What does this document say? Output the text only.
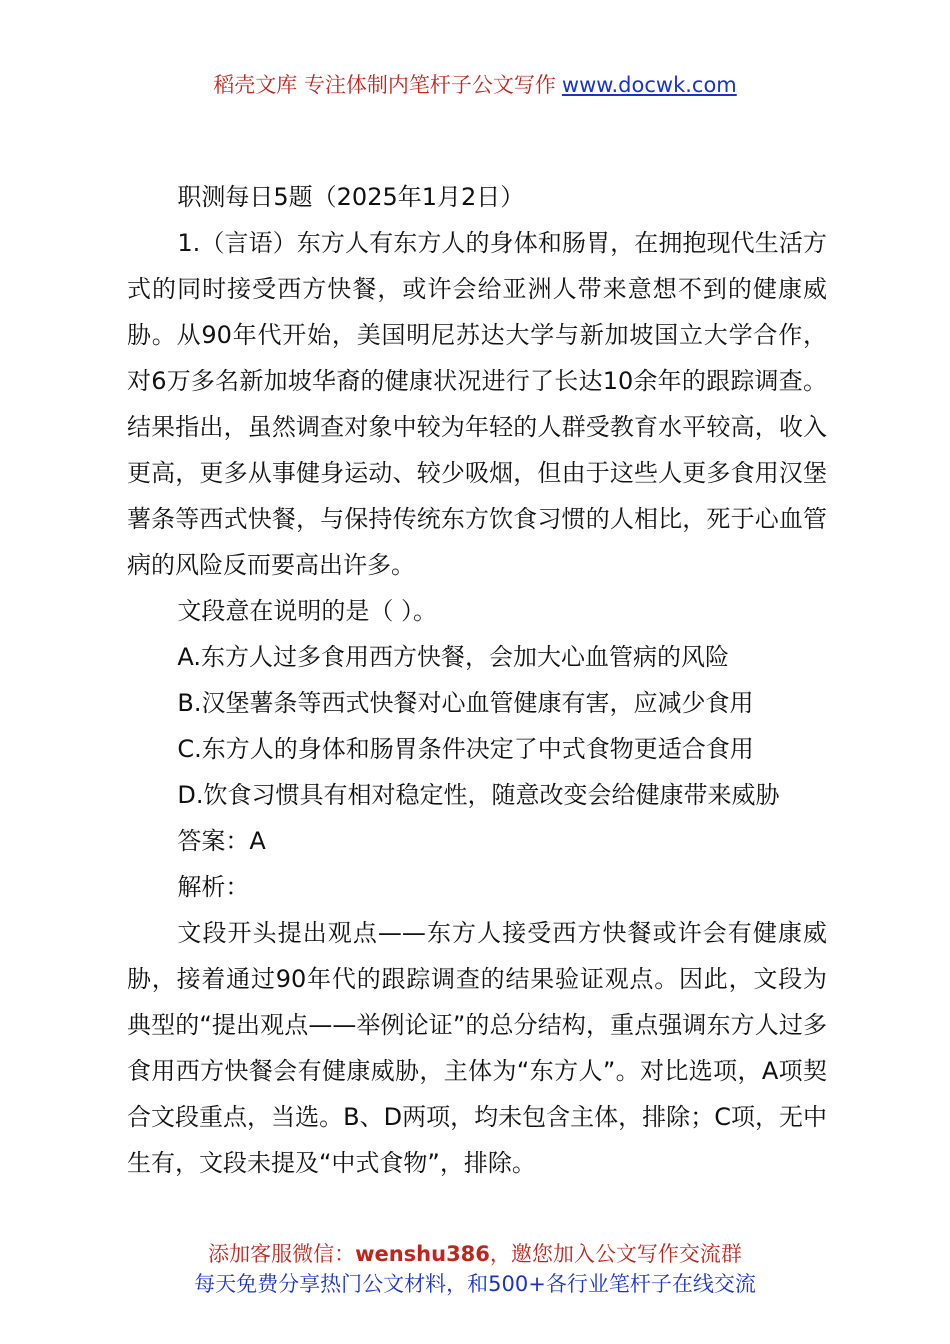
稻壳文库 专注体制内笔杆子公文写作 www.docwk.com

职测每日5题（2025年1月2日）

1.（言语）东方人有东方人的身体和肠胃，在拥抱现代生活方式的同时接受西方快餐，或许会给亚洲人带来意想不到的健康威胁。从90年代开始，美国明尼苏达大学与新加坡国立大学合作，对6万多名新加坡华裔的健康状况进行了长达10余年的跟踪调查。结果指出，虽然调查对象中较为年轻的人群受教育水平较高，收入更高，更多从事健身运动、较少吸烟，但由于这些人更多食用汉堡薯条等西式快餐，与保持传统东方饮食习惯的人相比，死于心血管病的风险反而要高出许多。

文段意在说明的是（ ）。

A.东方人过多食用西方快餐，会加大心血管病的风险

B.汉堡薯条等西式快餐对心血管健康有害，应减少食用

C.东方人的身体和肠胃条件决定了中式食物更适合食用

D.饮食习惯具有相对稳定性，随意改变会给健康带来威胁

答案：A

解析：

文段开头提出观点——东方人接受西方快餐或许会有健康威胁，接着通过90年代的跟踪调查的结果验证观点。因此，文段为典型的“提出观点——举例论证”的总分结构，重点强调东方人过多食用西方快餐会有健康威胁，主体为“东方人”。对比选项，A项契合文段重点，当选。B、D两项，均未包含主体，排除；C项，无中生有，文段未提及“中式食物”，排除。

添加客服微信：wenshu386，邀您加入公文写作交流群
每天免费分享热门公文材料，和500+各行业笔杆子在线交流
